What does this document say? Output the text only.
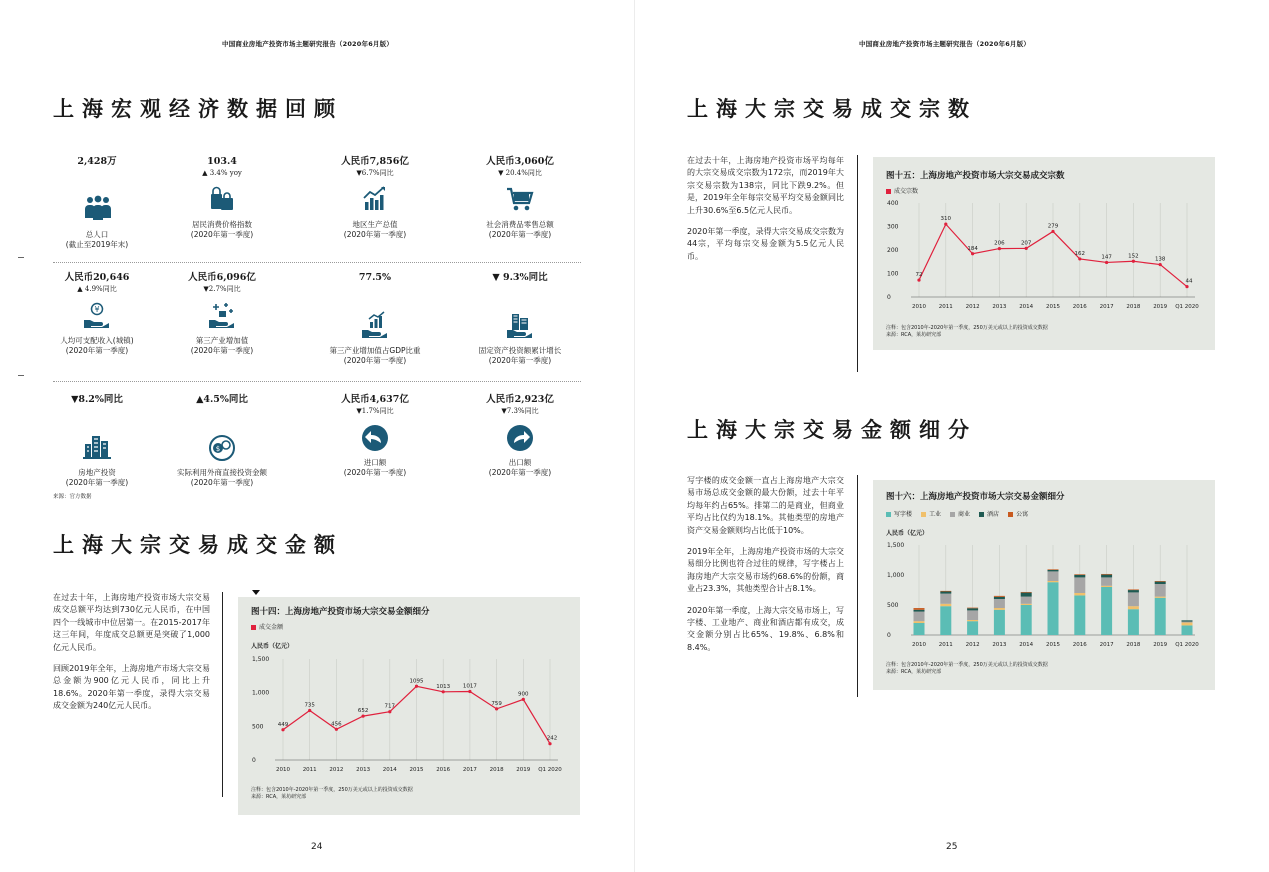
中国商业房地产投资市场主题研究报告（2020年6月版）
上海宏观经济数据回顾
2,428万
总人口
(截止至2019年末)
103.4
▲ 3.4% yoy
居民消费价格指数
(2020年第一季度)
人民币7,856亿
▼6.7%同比
地区生产总值
(2020年第一季度)
人民币3,060亿
▼ 20.4%同比
社会消费品零售总额
(2020年第一季度)
人民币20,646
▲ 4.9%同比
¥
人均可支配收入(城镇)
(2020年第一季度)
人民币6,096亿
▼2.7%同比
第三产业增加值
(2020年第一季度)
77.5%
第三产业增加值占GDP比重
(2020年第一季度)
▼ 9.3%同比
固定资产投资额累计增长
(2020年第一季度)
▼8.2%同比
房地产投资
(2020年第一季度)
▲4.5%同比
$
实际利用外商直接投资金额
(2020年第一季度)
人民币4,637亿
▼1.7%同比
进口额
(2020年第一季度)
人民币2,923亿
▼7.3%同比
出口额
(2020年第一季度)
来源：官方数据
上海大宗交易成交金额

在过去十年，上海房地产投资市场大宗交易成交总额平均达到730亿元人民币，在中国四个一线城市中位居第一。在2015-2017年这三年间，年度成交总额更是突破了1,000亿元人民币。

回顾2019年全年，上海房地产市场大宗交易总金额为900亿元人民币，同比上升18.6%。2020年第一季度，录得大宗交易成交金额为240亿元人民币。

图十四：上海房地产投资市场大宗交易金额细分
成交金额
人民币（亿元）
0
500
1,000
1,500
2010 2011 2012 2013 2014 2015 2016 2017 2018 2019 Q1 2020
449
735
456
652
717
1095
1013 1017
759
900
242
注释：包含2010年-2020年第一季度，250万美元或以上的投资成交数据
来源：RCA，莱坊研究部
24
中国商业房地产投资市场主题研究报告（2020年6月版）
上海大宗交易成交宗数

在过去十年，上海房地产投资市场平均每年的大宗交易成交宗数为172宗，而2019年大宗交易宗数为138宗，同比下跌9.2%。但是，2019年全年每宗交易平均交易金额同比上升30.6%至6.5亿元人民币。

2020年第一季度，录得大宗交易成交宗数为44宗，平均每宗交易金额为5.5亿元人民币。

图十五：上海房地产投资市场大宗交易成交宗数
成交宗数
0
100
200
300
400
2010 2011 2012 2013 2014 2015 2016 2017 2018 2019 Q1 2020
72
310
184
206	207
279
162
147	152
138
44
注释：包含2010年-2020年第一季度，250万美元或以上的投资成交数据
来源：RCA，莱坊研究部
上海大宗交易金额细分

写字楼的成交金额一直占上海房地产大宗交易市场总成交金额的最大份额，过去十年平均每年约占65%。排第二的是商业，但商业平均占比仅约为18.1%。其他类型的房地产资产交易金额则均占比低于10%。

2019年全年，上海房地产投资市场的大宗交易细分比例也符合过往的规律，写字楼占上海房地产大宗交易市场约68.6%的份额，商业占23.3%，其他类型合计占8.1%。

2020年第一季度，上海大宗交易市场上，写字楼、工业地产、商业和酒店都有成交，成交金额分别占比65%、19.8%、6.8%和8.4%。

图十六：上海房地产投资市场大宗交易金额细分
写字楼	工业	商业	酒店	公寓
人民币（亿元）
0
500
1,000
1,500
2010 2011 2012 2013 2014 2015 2016 2017 2018 2019 Q1 2020
注释：包含2010年-2020年第一季度，250万美元或以上的投资成交数据
来源：RCA，莱坊研究部
25
